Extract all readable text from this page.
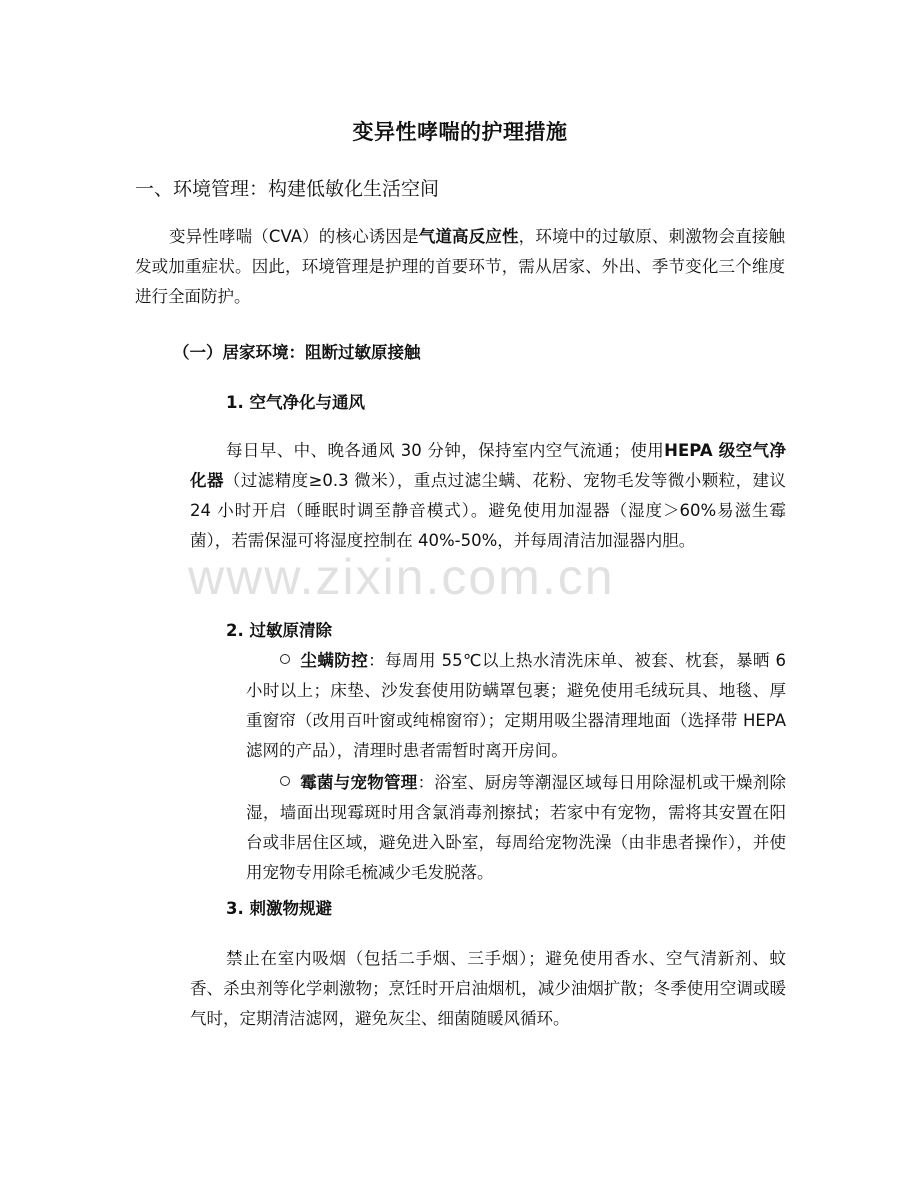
变异性哮喘的护理措施
一、环境管理：构建低敏化生活空间
变异性哮喘（CVA）的核心诱因是气道高反应性，环境中的过敏原、刺激物会直接触发或加重症状。因此，环境管理是护理的首要环节，需从居家、外出、季节变化三个维度进行全面防护。
（一）居家环境：阻断过敏原接触
1. 空气净化与通风
每日早、中、晚各通风 30 分钟，保持室内空气流通；使用HEPA 级空气净化器（过滤精度≥0.3 微米），重点过滤尘螨、花粉、宠物毛发等微小颗粒，建议 24 小时开启（睡眠时调至静音模式）。避免使用加湿器（湿度＞60%易滋生霉菌），若需保湿可将湿度控制在 40%-50%，并每周清洁加湿器内胆。
2. 过敏原清除
尘螨防控：每周用 55℃以上热水清洗床单、被套、枕套，暴晒 6 小时以上；床垫、沙发套使用防螨罩包裹；避免使用毛绒玩具、地毯、厚重窗帘（改用百叶窗或纯棉窗帘）；定期用吸尘器清理地面（选择带 HEPA 滤网的产品），清理时患者需暂时离开房间。
霉菌与宠物管理：浴室、厨房等潮湿区域每日用除湿机或干燥剂除湿，墙面出现霉斑时用含氯消毒剂擦拭；若家中有宠物，需将其安置在阳台或非居住区域，避免进入卧室，每周给宠物洗澡（由非患者操作），并使用宠物专用除毛梳减少毛发脱落。
3. 刺激物规避
禁止在室内吸烟（包括二手烟、三手烟）；避免使用香水、空气清新剂、蚊香、杀虫剂等化学刺激物；烹饪时开启油烟机，减少油烟扩散；冬季使用空调或暖气时，定期清洁滤网，避免灰尘、细菌随暖风循环。
www.zixin.com.cn
